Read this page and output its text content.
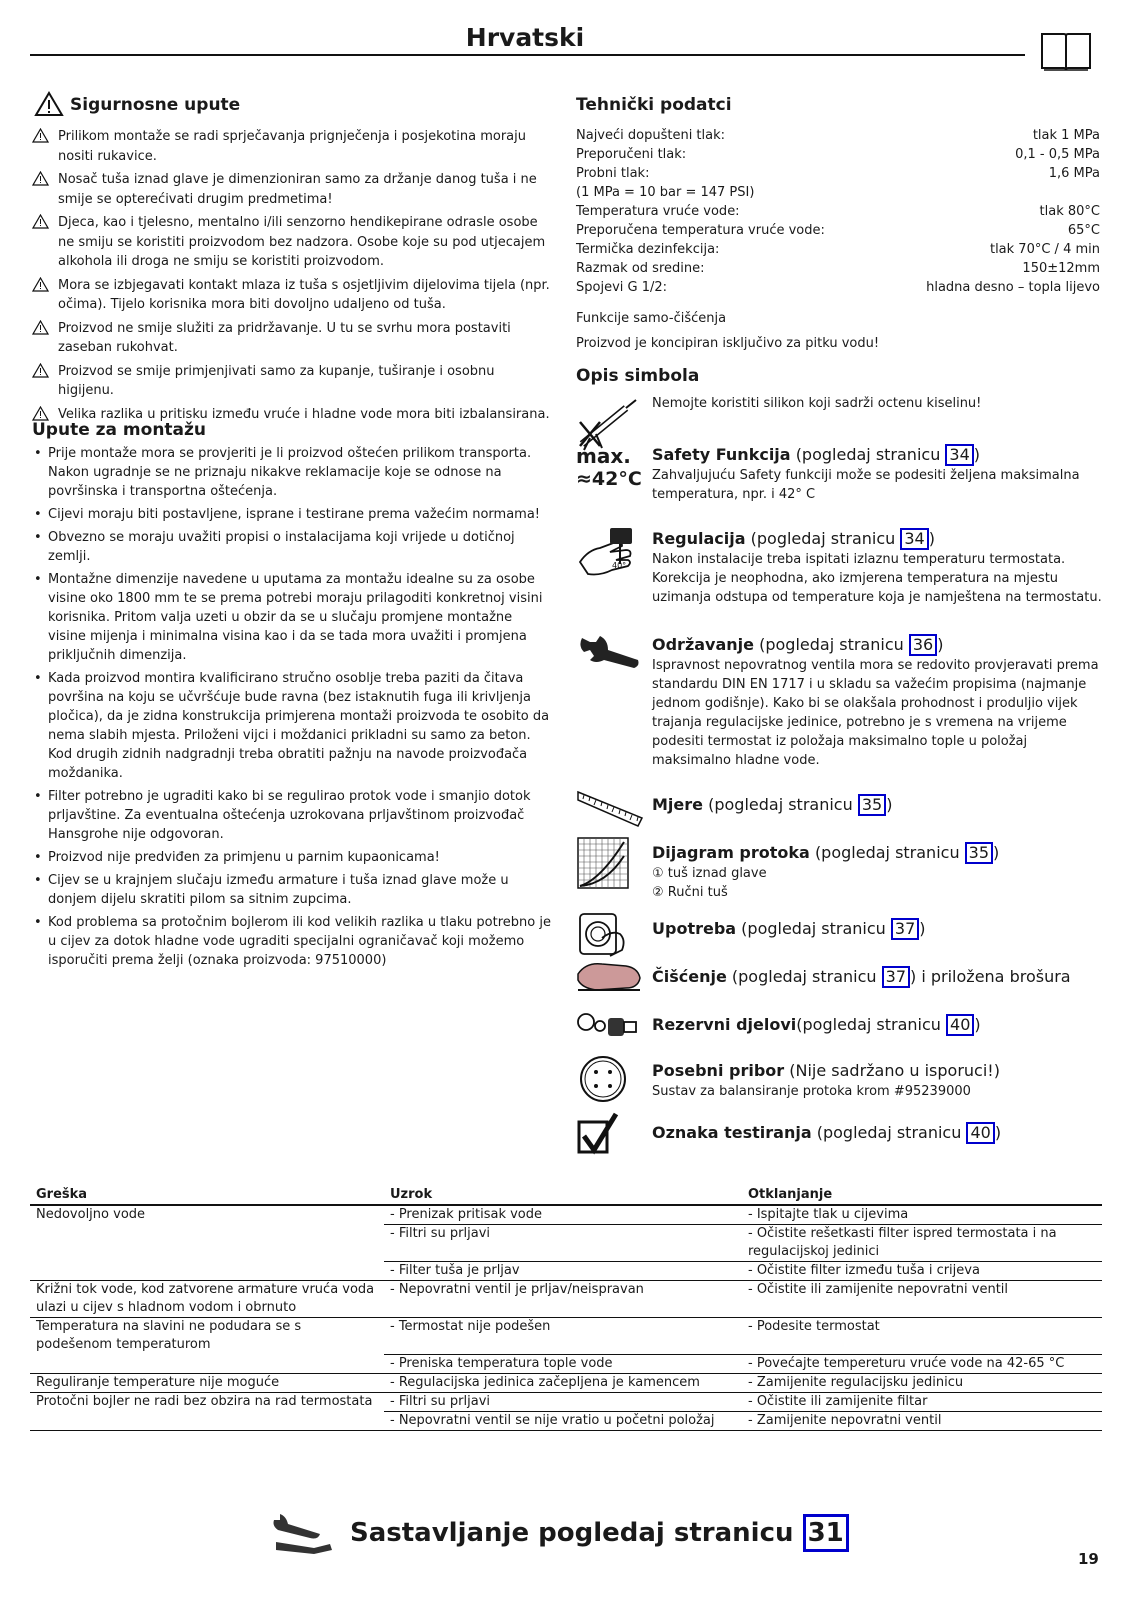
Hrvatski
Sigurnosne upute
Prilikom montaže se radi sprječavanja prignječenja i posjekotina moraju nositi rukavice.
Nosač tuša iznad glave je dimenzioniran samo za držanje danog tuša i ne smije se opterećivati drugim predmetima!
Djeca, kao i tjelesno, mentalno i/ili senzorno hendikepirane odrasle osobe ne smiju se koristiti proizvodom bez nadzora. Osobe koje su pod utjecajem alkohola ili droga ne smiju se koristiti proizvodom.
Mora se izbjegavati kontakt mlaza iz tuša s osjetljivim dijelovima tijela (npr. očima). Tijelo korisnika mora biti dovoljno udaljeno od tuša.
Proizvod ne smije služiti za pridržavanje. U tu se svrhu mora postaviti zaseban rukohvat.
Proizvod se smije primjenjivati samo za kupanje, tuširanje i osobnu higijenu.
Velika razlika u pritisku između vruće i hladne vode mora biti izbalansirana.
Upute za montažu
• Prije montaže mora se provjeriti je li proizvod oštećen prilikom transporta. Nakon ugradnje se ne priznaju nikakve reklamacije koje se odnose na površinska i transportna oštećenja.
• Cijevi moraju biti postavljene, isprane i testirane prema važećim normama!
• Obvezno se moraju uvažiti propisi o instalacijama koji vrijede u dotičnoj zemlji.
• Montažne dimenzije navedene u uputama za montažu idealne su za osobe visine oko 1800 mm te se prema potrebi moraju prilagoditi konkretnoj visini korisnika. Pritom valja uzeti u obzir da se u slučaju promjene montažne visine mijenja i minimalna visina kao i da se tada mora uvažiti i promjena priključnih dimenzija.
• Kada proizvod montira kvalificirano stručno osoblje treba paziti da čitava površina na koju se učvršćuje bude ravna (bez istaknutih fuga ili krivljenja pločica), da je zidna konstrukcija primjerena montaži proizvoda te osobito da nema slabih mjesta. Priloženi vijci i moždanici prikladni su samo za beton. Kod drugih zidnih nadgradnji treba obratiti pažnju na navode proizvođača moždanika.
• Filter potrebno je ugraditi kako bi se regulirao protok vode i smanjio dotok prljavštine. Za eventualna oštećenja uzrokovana prljavštinom proizvođač Hansgrohe nije odgovoran.
• Proizvod nije predviđen za primjenu u parnim kupaonicama!
• Cijev se u krajnjem slučaju između armature i tuša iznad glave može u donjem dijelu skratiti pilom sa sitnim zupcima.
• Kod problema sa protočnim bojlerom ili kod velikih razlika u tlaku potrebno je u cijev za dotok hladne vode ugraditi specijalni ograničavač koji možemo isporučiti prema želji (oznaka proizvoda: 97510000)
Tehnički podatci
Najveći dopušteni tlak:	tlak 1 MPa
Preporučeni tlak:	0,1 - 0,5 MPa
Probni tlak:	1,6 MPa
(1 MPa = 10 bar = 147 PSI)
Temperatura vruće vode:	tlak 80°C
Preporučena temperatura vruće vode:	65°C
Termička dezinfekcija:	tlak 70°C / 4 min
Razmak od sredine:	150±12mm
Spojevi G 1/2:	hladna desno – topla lijevo
Funkcije samo-čišćenja
Proizvod je koncipiran isključivo za pitku vodu!
Opis simbola
Nemojte koristiti silikon koji sadrži octenu kiselinu!
max.
≈42°C
Safety Funkcija (pogledaj stranicu 34 )
Zahvaljujuću Safety funkciji može se podesiti željena maksimalna temperatura, npr. i 42° C
40°
Regulacija (pogledaj stranicu 34 )
Nakon instalacije treba ispitati izlaznu temperaturu termostata. Korekcija je neophodna, ako izmjerena temperatura na mjestu uzimanja odstupa od temperature koja je namještena na termostatu.
Održavanje (pogledaj stranicu 36 )
Ispravnost nepovratnog ventila mora se redovito provjeravati prema standardu DIN EN 1717 i u skladu sa važećim propisima (najmanje jednom godišnje). Kako bi se olakšala prohodnost i produljio vijek trajanja regulacijske jedinice, potrebno je s vremena na vrijeme podesiti termostat iz položaja maksimalno tople u položaj maksimalno hladne vode.
Mjere (pogledaj stranicu 35 )
Dijagram protoka (pogledaj stranicu 35 )
① tuš iznad glave
② Ručni tuš
Upotreba (pogledaj stranicu 37 )
Čišćenje (pogledaj stranicu 37 ) i priložena brošura
Rezervni djelovi(pogledaj stranicu 40 )
Posebni pribor (Nije sadržano u isporuci!)
Sustav za balansiranje protoka krom #95239000
Oznaka testiranja (pogledaj stranicu 40 )
Greška	Uzrok	Otklanjanje
Nedovoljno vode	- Prenizak pritisak vode	- Ispitajte tlak u cijevima
	- Filtri su prljavi	- Očistite rešetkasti filter ispred termostata i na regulacijskoj jedinici
	- Filter tuša je prljav	- Očistite filter između tuša i crijeva
Križni tok vode, kod zatvorene armature vruća voda ulazi u cijev s hladnom vodom i obrnuto	- Nepovratni ventil je prljav/neispravan	- Očistite ili zamijenite nepovratni ventil
Temperatura na slavini ne podudara se s podešenom temperaturom	- Termostat nije podešen	- Podesite termostat
	- Preniska temperatura tople vode	- Povećajte tempereturu vruće vode na 42-65 °C
Reguliranje temperature nije moguće	- Regulacijska jedinica začepljena je kamencem	- Zamijenite regulacijsku jedinicu
Protočni bojler ne radi bez obzira na rad termostata	- Filtri su prljavi	- Očistite ili zamijenite filtar
	- Nepovratni ventil se nije vratio u početni položaj	- Zamijenite nepovratni ventil
Sastavljanje pogledaj stranicu 31
19
